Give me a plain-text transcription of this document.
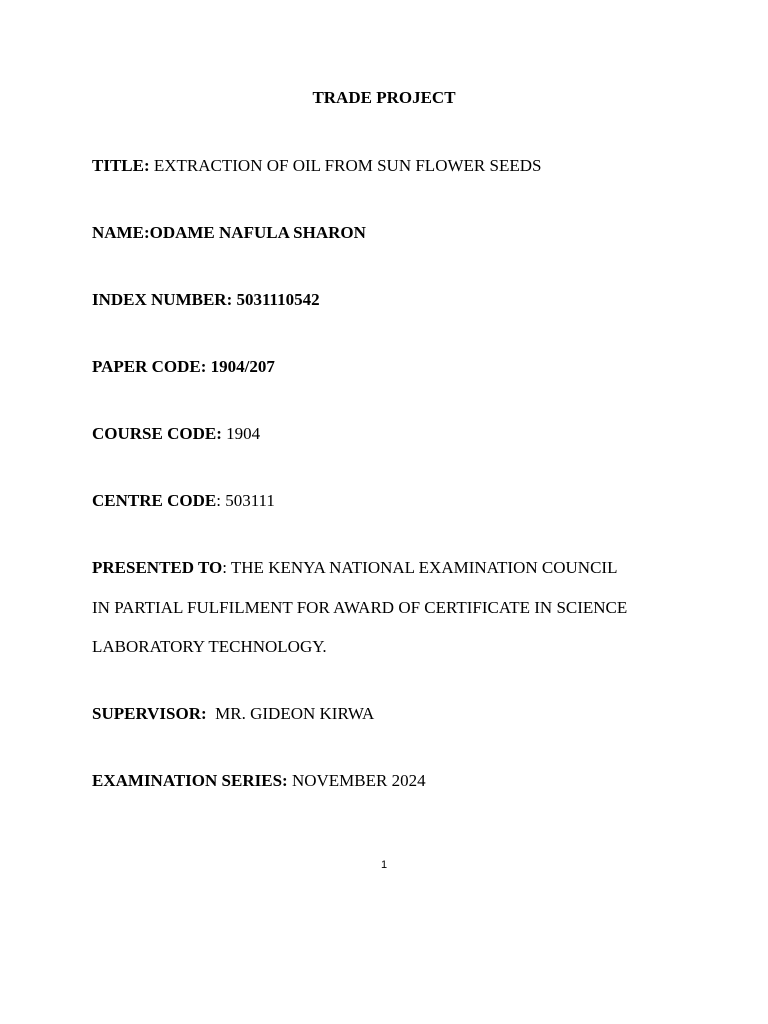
TRADE PROJECT

TITLE: EXTRACTION OF OIL FROM SUN FLOWER SEEDS

NAME:ODAME NAFULA SHARON

INDEX NUMBER: 5031110542

PAPER CODE: 1904/207

COURSE CODE: 1904

CENTRE CODE: 503111

PRESENTED TO: THE KENYA NATIONAL EXAMINATION COUNCIL

IN PARTIAL FULFILMENT FOR AWARD OF CERTIFICATE IN SCIENCE

LABORATORY TECHNOLOGY.

SUPERVISOR:  MR. GIDEON KIRWA

EXAMINATION SERIES: NOVEMBER 2024

1
